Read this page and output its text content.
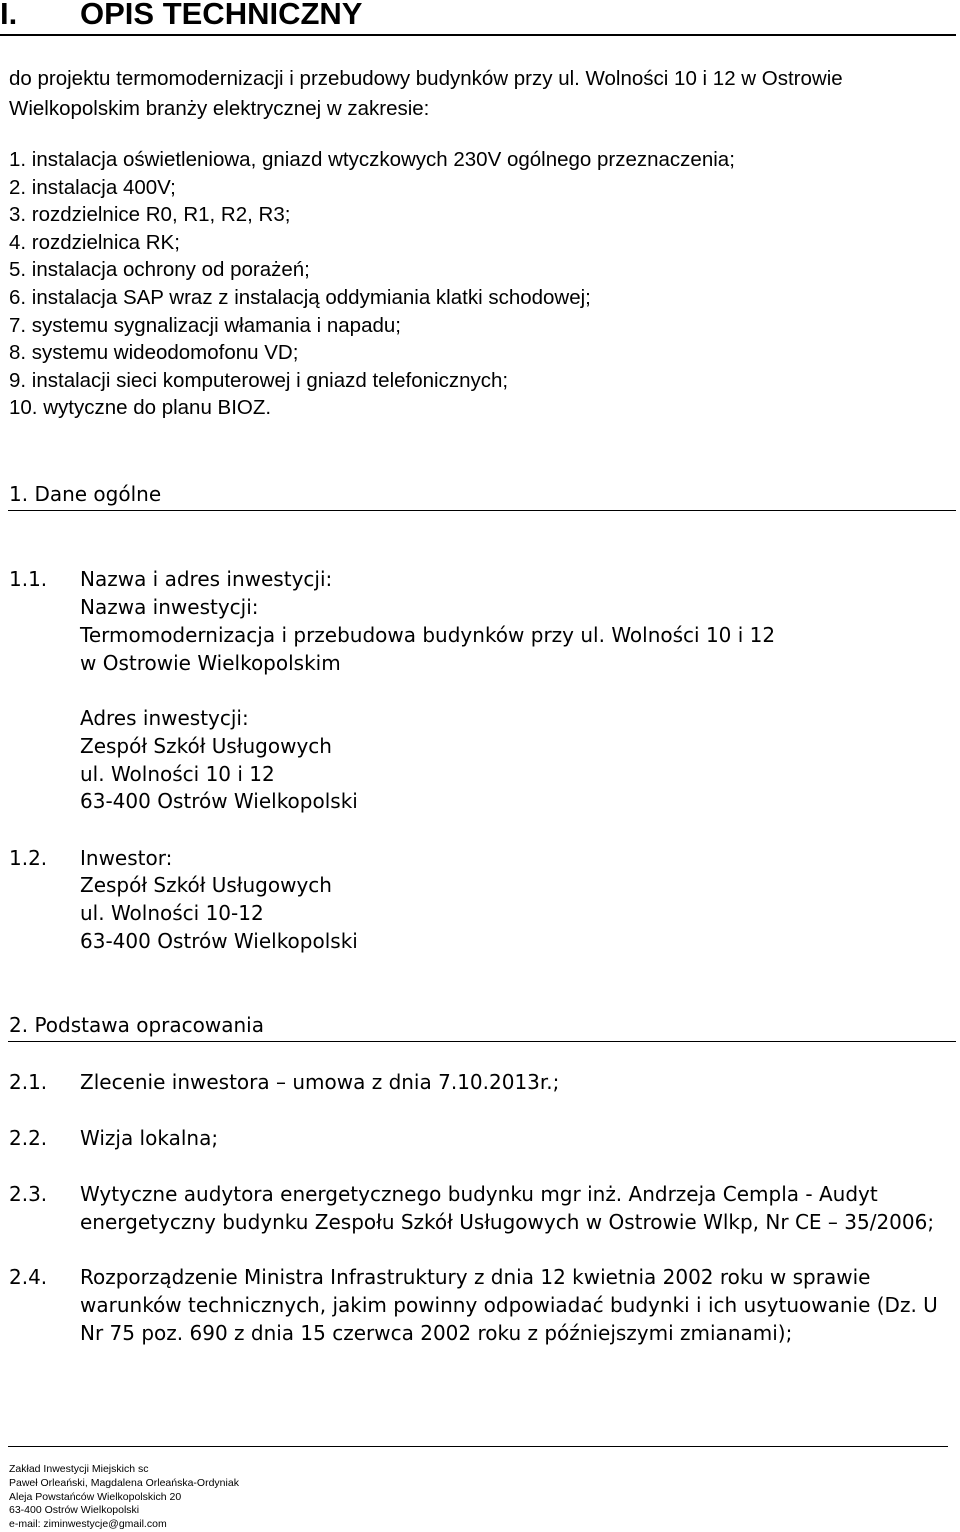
I. OPIS TECHNICZNY
do projektu termomodernizacji i przebudowy budynków przy ul. Wolności 10 i 12 w Ostrowie Wielkopolskim branży elektrycznej w zakresie:
1. instalacja oświetleniowa, gniazd wtyczkowych 230V ogólnego przeznaczenia;
2. instalacja 400V;
3. rozdzielnice R0, R1, R2, R3;
4. rozdzielnica RK;
5. instalacja ochrony od porażeń;
6. instalacja SAP wraz z instalacją oddymiania klatki schodowej;
7. systemu sygnalizacji włamania i napadu;
8. systemu wideodomofonu VD;
9. instalacji sieci komputerowej i gniazd telefonicznych;
10. wytyczne do planu BIOZ.
1. Dane ogólne
1.1. Nazwa i adres inwestycji:
Nazwa inwestycji:
Termomodernizacja i przebudowa budynków przy ul. Wolności 10 i 12
w Ostrowie Wielkopolskim
Adres inwestycji:
Zespół Szkół Usługowych
ul. Wolności 10 i 12
63-400 Ostrów Wielkopolski
1.2. Inwestor:
Zespół Szkół Usługowych
ul. Wolności 10-12
63-400 Ostrów Wielkopolski
2. Podstawa opracowania
2.1. Zlecenie inwestora – umowa z dnia 7.10.2013r.;
2.2. Wizja lokalna;
2.3. Wytyczne audytora energetycznego budynku mgr inż. Andrzeja Cempla - Audyt energetyczny budynku Zespołu Szkół Usługowych w Ostrowie Wlkp, Nr CE – 35/2006;
2.4. Rozporządzenie Ministra Infrastruktury z dnia 12 kwietnia 2002 roku w sprawie warunków technicznych, jakim powinny odpowiadać budynki i ich usytuowanie (Dz. U Nr 75 poz. 690 z dnia 15 czerwca 2002 roku z późniejszymi zmianami);
Zakład Inwestycji Miejskich sc
Paweł Orleański, Magdalena Orleańska-Ordyniak
Aleja Powstańców Wielkopolskich 20
63-400 Ostrów Wielkopolski
e-mail: ziminwestycje@gmail.com
